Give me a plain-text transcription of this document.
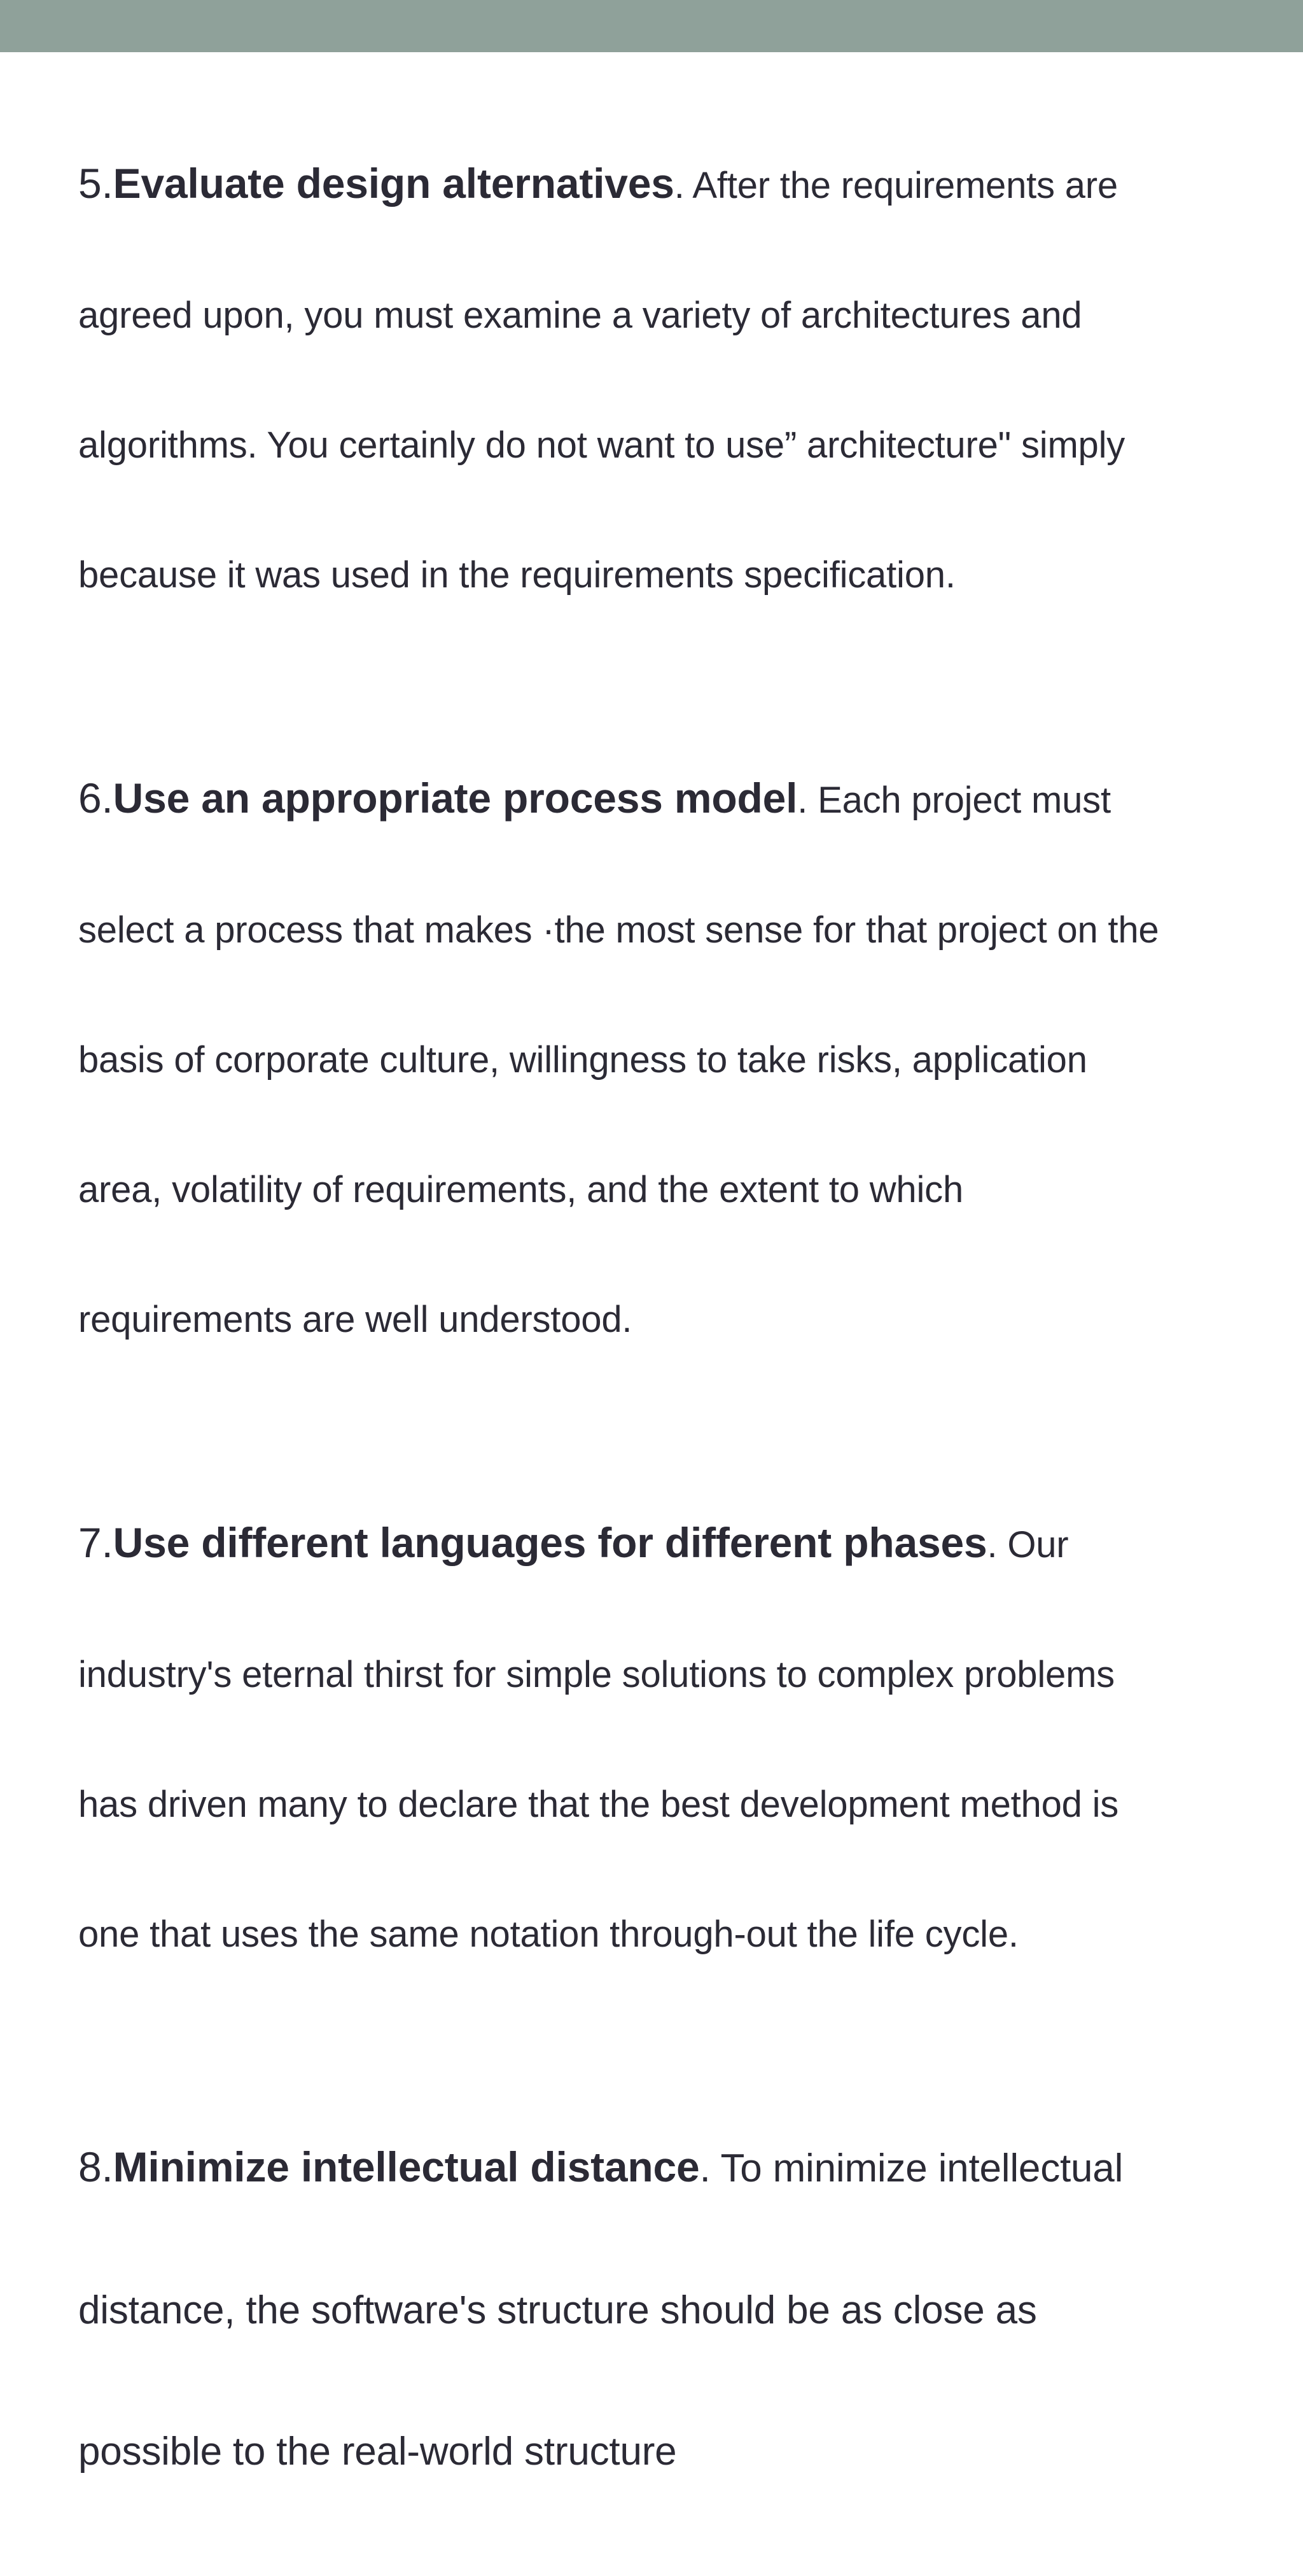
5.Evaluate design alternatives. After the requirements are

agreed upon, you must examine a variety of architectures and

algorithms. You certainly do not want to use” architecture" simply

because it was used in the requirements specification.

6.Use an appropriate process model. Each project must

select a process that makes ·the most sense for that project on the

basis of corporate culture, willingness to take risks, application

area, volatility of requirements, and the extent to which

requirements are well understood.

7.Use different languages for different phases. Our

industry's eternal thirst for simple solutions to complex problems

has driven many to declare that the best development method is

one that uses the same notation through-out the life cycle.

8.Minimize intellectual distance. To minimize intellectual

distance, the software's structure should be as close as

possible to the real-world structure
